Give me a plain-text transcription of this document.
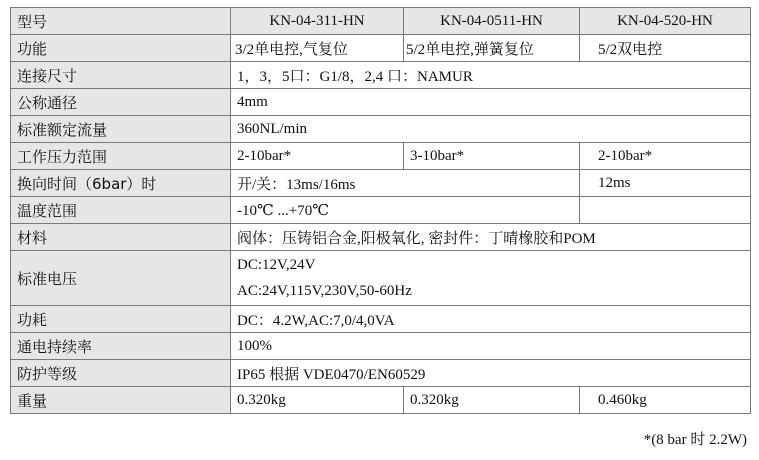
型号	KN-04-311-HN	KN-04-0511-HN	KN-04-520-HN
功能	3/2单电控,气复位	5/2单电控,弹簧复位	5/2双电控
连接尺寸	1，3，5口：G1/8，2,4 口：NAMUR		
公称通径	4mm		
标准额定流量	360NL/min		
工作压力范围	2-10bar*	3-10bar*	2-10bar*
换向时间（6bar）时	开/关：13ms/16ms		12ms
温度范围	-10℃ ...+70℃		
材料	阀体：压铸铝合金,阳极氧化, 密封件：丁晴橡胶和POM		
标准电压	DC:12V,24V
AC:24V,115V,230V,50-60Hz		

功耗	DC：4.2W,AC:7,0/4,0VA		
通电持续率	100%		
防护等级	IP65 根据 VDE0470/EN60529		
重量	0.320kg	0.320kg	0.460kg
*(8 bar 时 2.2W)
